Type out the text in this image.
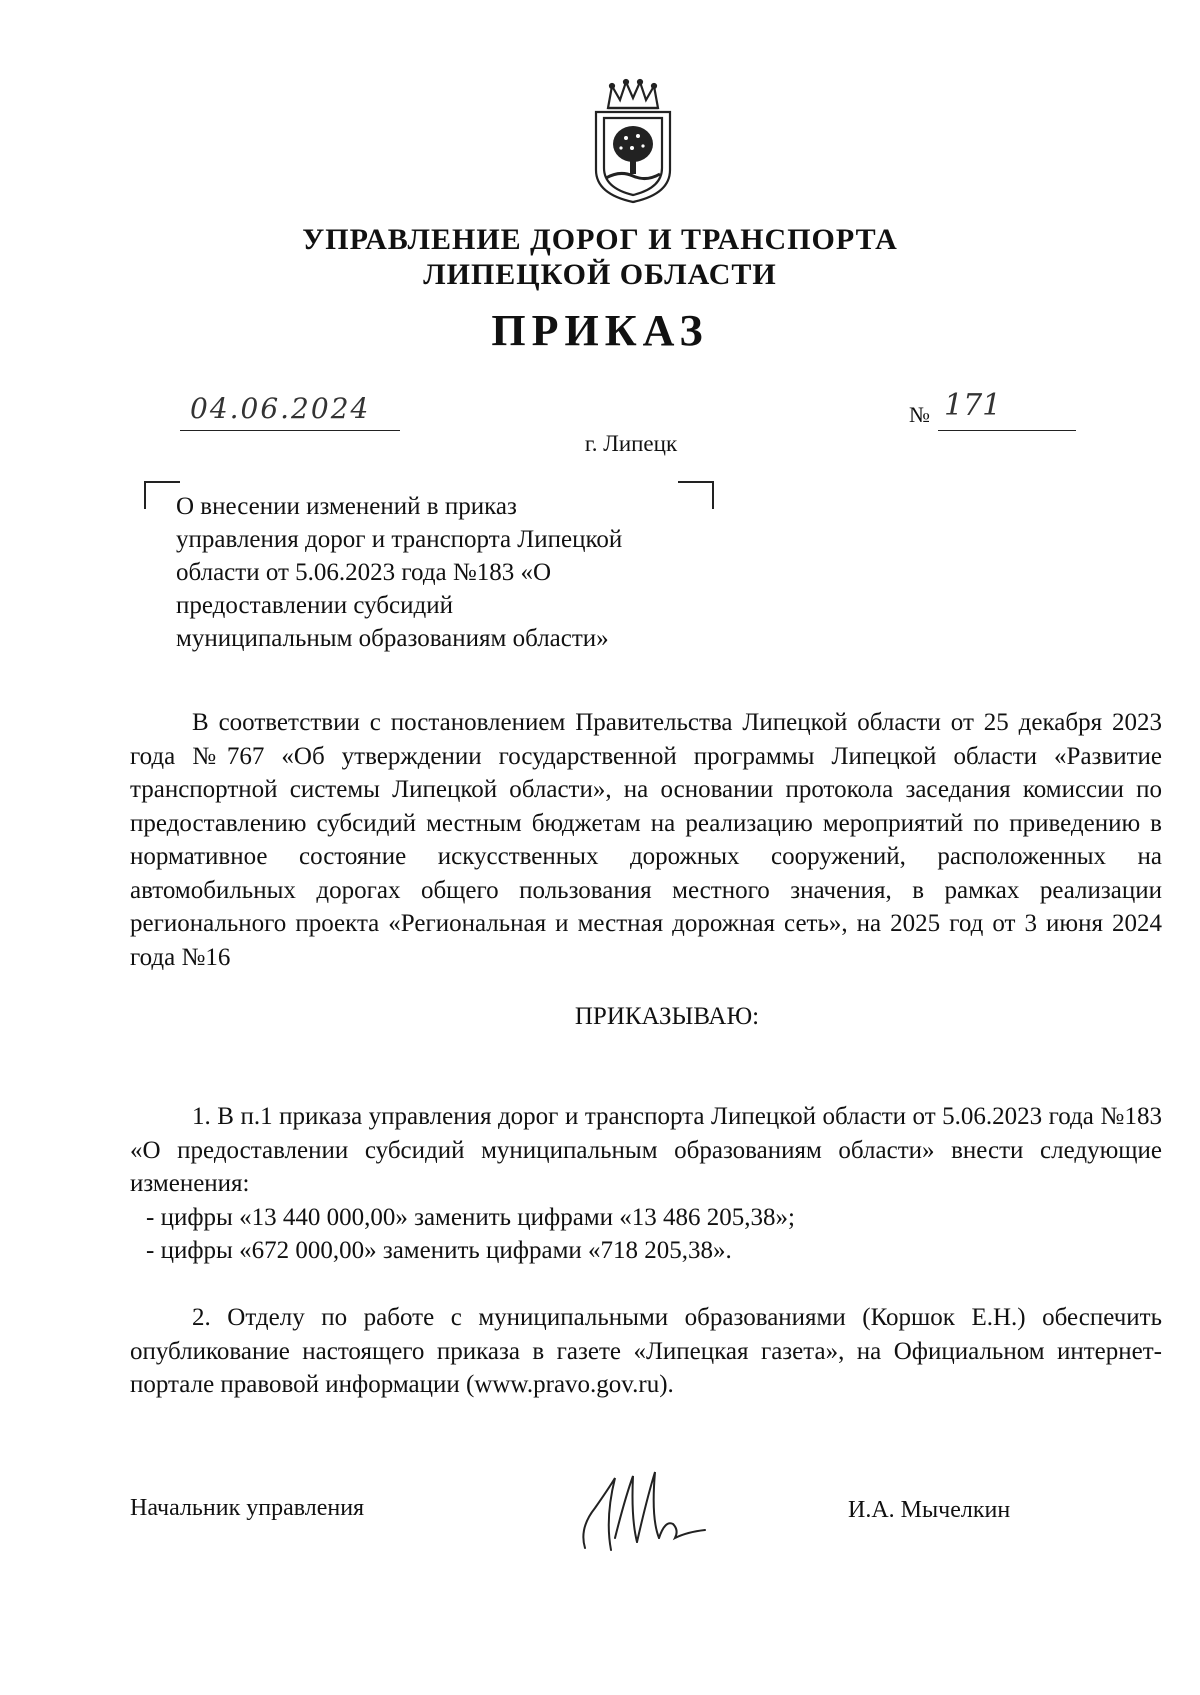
УПРАВЛЕНИЕ ДОРОГ И ТРАНСПОРТА
ЛИПЕЦКОЙ ОБЛАСТИ
ПРИКАЗ
04.06.2024	№ 171
г. Липецк
О внесении изменений в приказ
управления дорог и транспорта Липецкой
области от 5.06.2023 года №183 «О
предоставлении субсидий
муниципальным образованиям области»
В соответствии с постановлением Правительства Липецкой области от 25 декабря 2023 года №767 «Об утверждении государственной программы Липецкой области «Развитие транспортной системы Липецкой области», на основании протокола заседания комиссии по предоставлению субсидий местным бюджетам на реализацию мероприятий по приведению в нормативное состояние искусственных дорожных сооружений, расположенных на автомобильных дорогах общего пользования местного значения, в рамках реализации регионального проекта «Региональная и местная дорожная сеть», на 2025 год от 3 июня 2024 года №16
ПРИКАЗЫВАЮ:
1. В п.1 приказа управления дорог и транспорта Липецкой области от 5.06.2023 года №183 «О предоставлении субсидий муниципальным образованиям области» внести следующие изменения:
- цифры «13 440 000,00» заменить цифрами «13 486 205,38»;
- цифры «672 000,00» заменить цифрами «718 205,38».
2. Отделу по работе с муниципальными образованиями (Коршок Е.Н.) обеспечить опубликование настоящего приказа в газете «Липецкая газета», на Официальном интернет-портале правовой информации (www.pravo.gov.ru).
Начальник управления	И.А. Мычелкин
